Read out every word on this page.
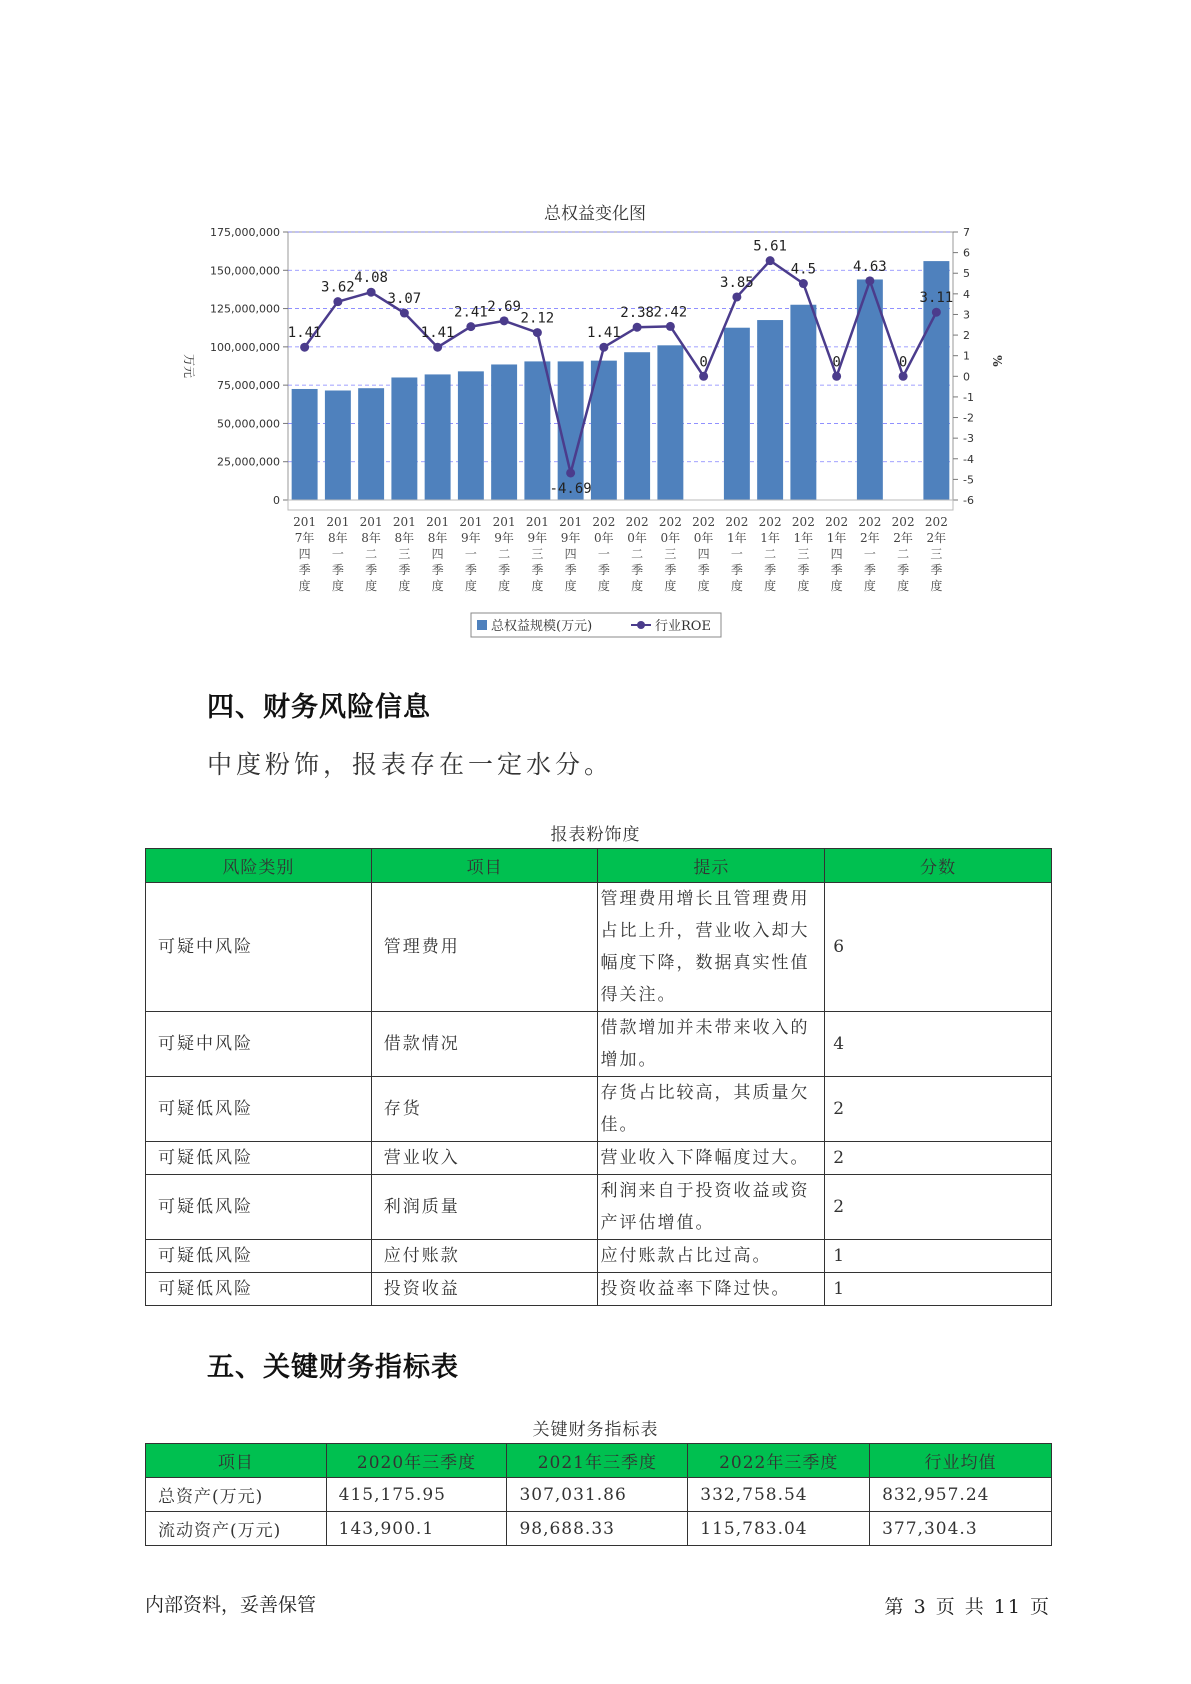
总权益变化图
0
25,000,000
50,000,000
75,000,000
100,000,000
125,000,000
150,000,000
175,000,000
-6
-5
-4
-3
-2
-1
0
1
2
3
4
5
6
7
万元	%
1.41
3.62
4.08
3.07
1.41
2.41 2.69
2.12
-4.69
1.41
2.38 2.42
0
3.85
5.61
4.5
0
4.63
0
3.11
201 7年四季度
201 8年一季度
201 8年二季度
201 8年三季度
201 8年四季度
201 9年一季度
201 9年二季度
201 9年三季度
201 9年四季度
202 0年一季度
202 0年二季度
202 0年三季度
202 0年四季度
202 1年一季度
202 1年二季度
202 1年三季度
202 1年四季度
202 2年一季度
202 2年二季度
202 2年三季度
总权益规模(万元)	行业ROE
四、财务风险信息
中度粉饰，报表存在一定水分。
报表粉饰度
风险类别	项目	提示	分数
可疑中风险	管理费用	管理费用增长且管理费用占比上升，营业收入却大幅度下降，数据真实性值得关注。	6
可疑中风险	借款情况	借款增加并未带来收入的增加。	4
可疑低风险	存货	存货占比较高，其质量欠佳。	2
可疑低风险	营业收入	营业收入下降幅度过大。	2
可疑低风险	利润质量	利润来自于投资收益或资产评估增值。	2
可疑低风险	应付账款	应付账款占比过高。	1
可疑低风险	投资收益	投资收益率下降过快。	1
五、关键财务指标表
关键财务指标表
项目	2020年三季度	2021年三季度	2022年三季度	行业均值
总资产(万元)	415,175.95	307,031.86	332,758.54	832,957.24
流动资产(万元)	143,900.1	98,688.33	115,783.04	377,304.3
内部资料，妥善保管	第 3 页 共 11 页
